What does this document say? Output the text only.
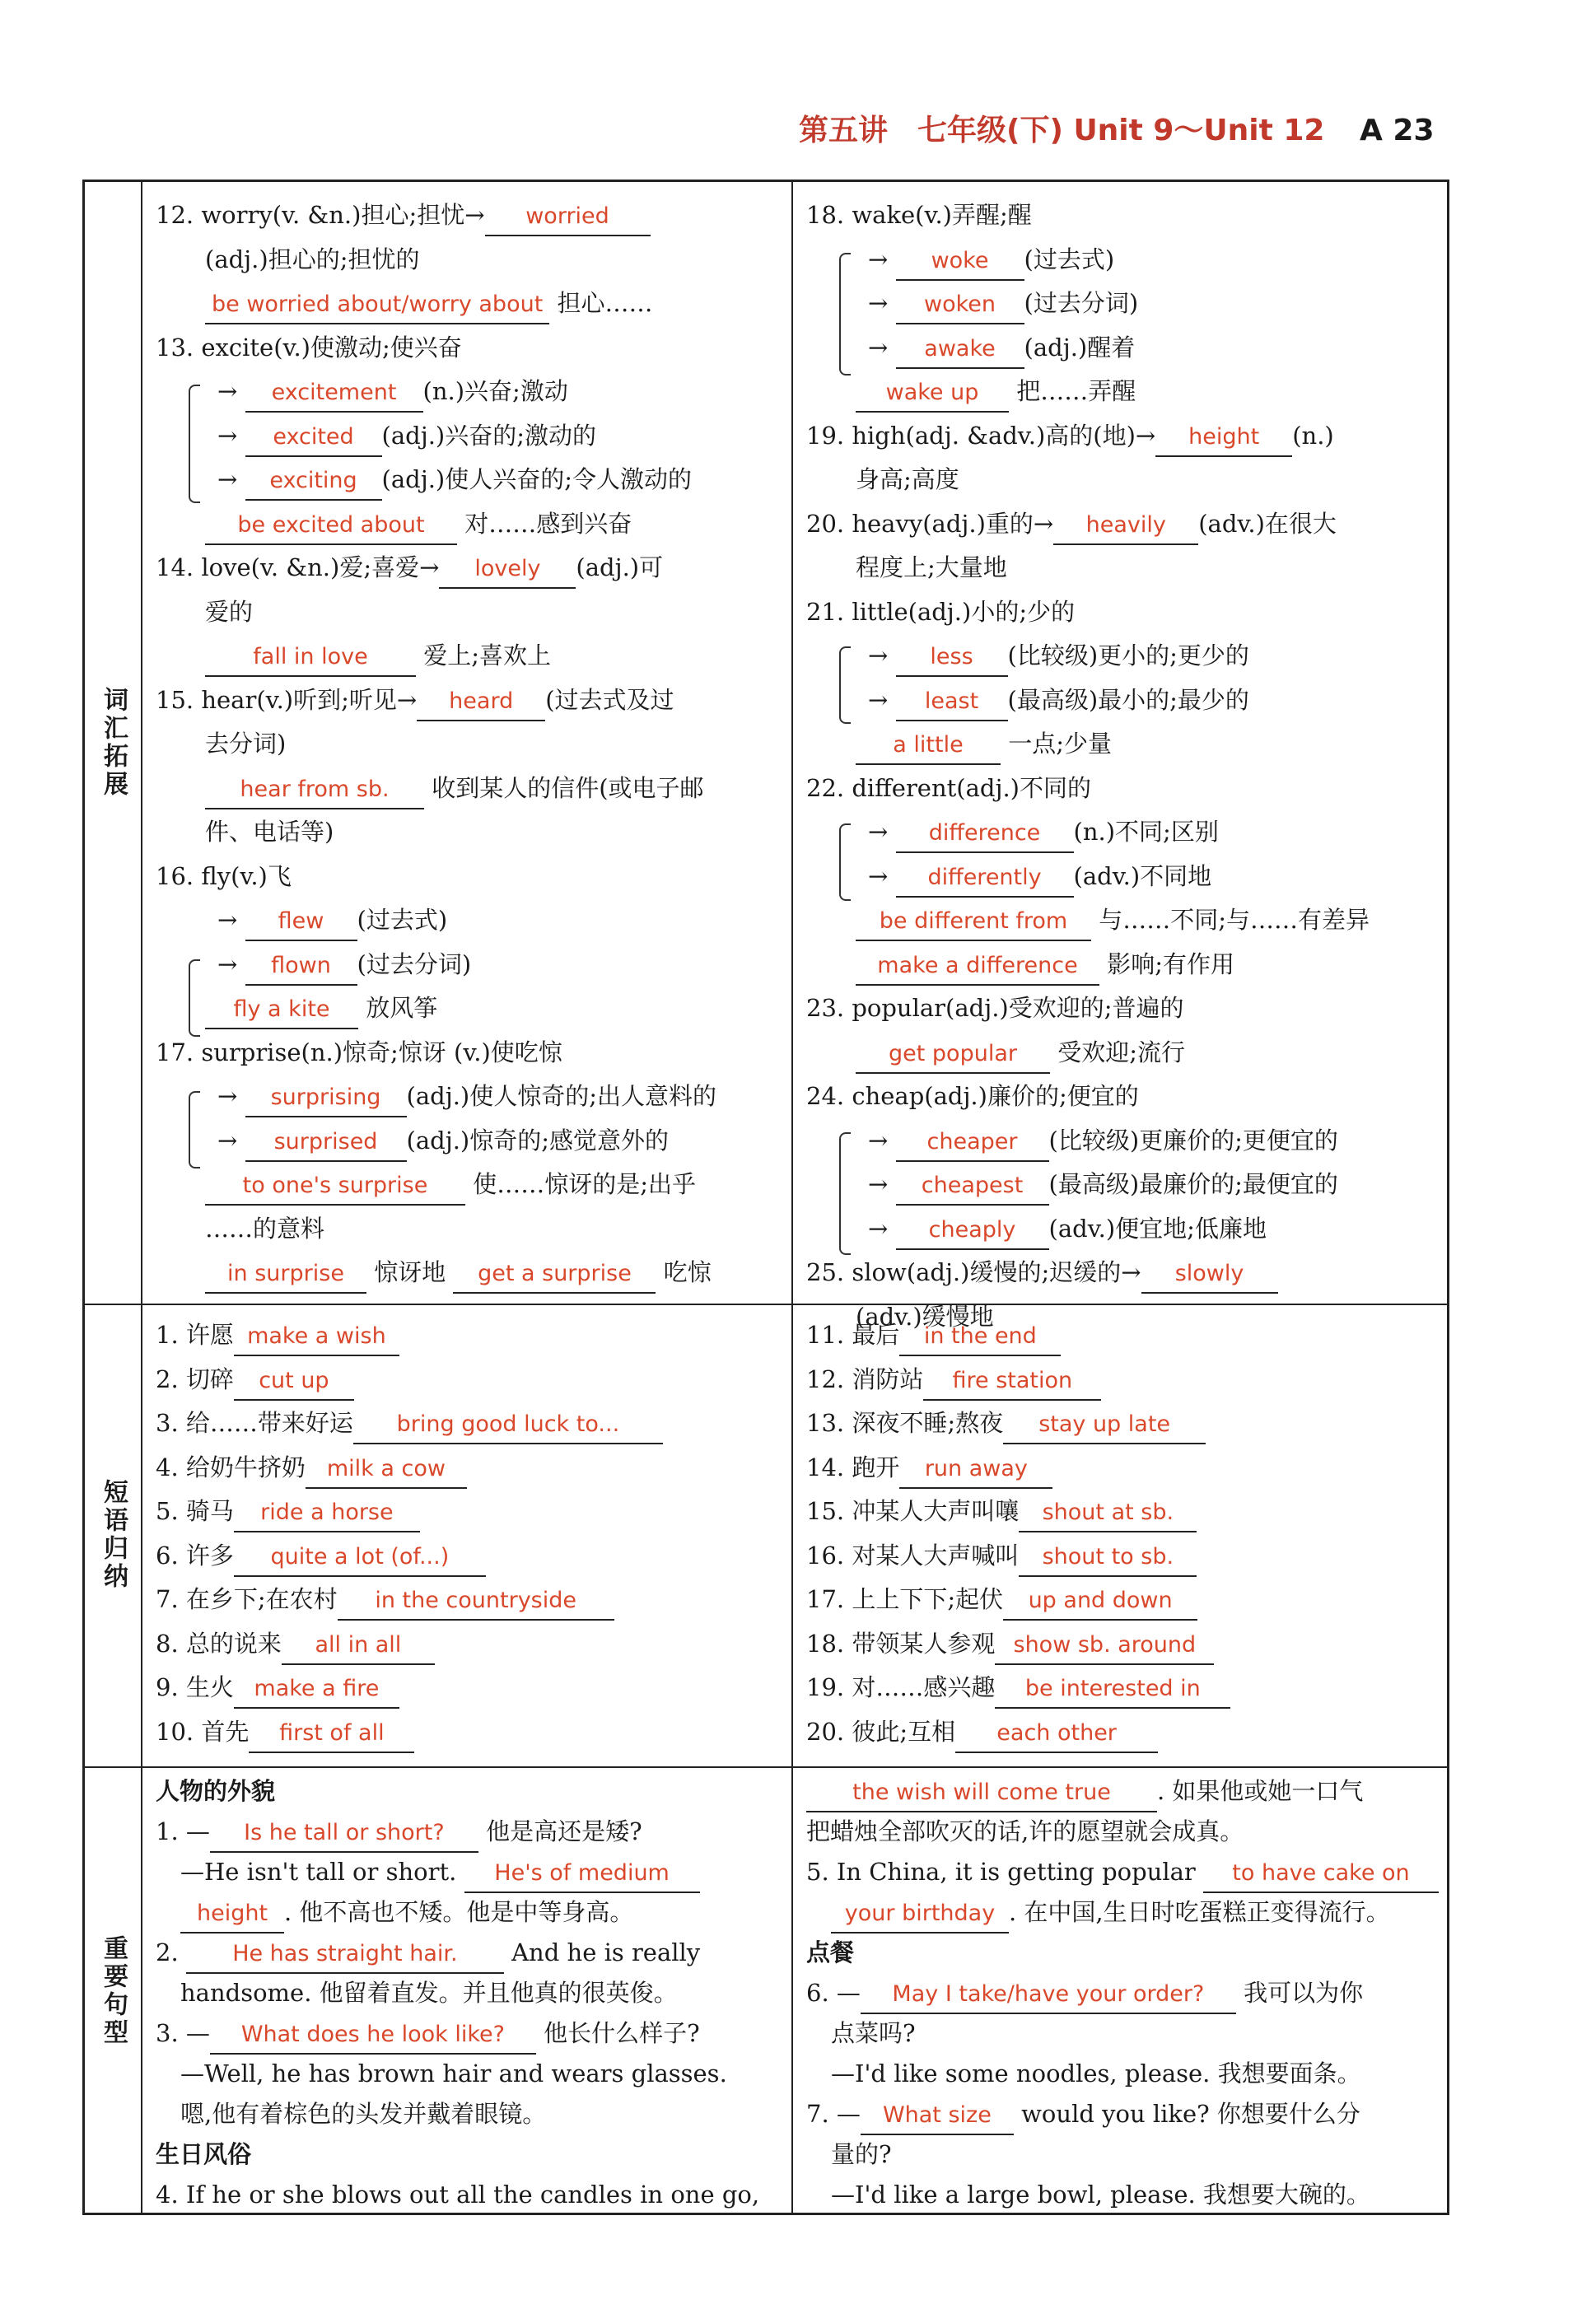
第五讲　七年级(下) Unit 9～Unit 12 A 23
词汇拓展
短语归纳
重要句型
12. worry(v. &n.)担心;担忧→ worried
(adj.)担心的;担忧的
be worried about/worry about 担心……
13. excite(v.)使激动;使兴奋
→ excitement (n.)兴奋;激动
→ excited (adj.)兴奋的;激动的
→ exciting (adj.)使人兴奋的;令人激动的
be excited about 对……感到兴奋
14. love(v. &n.)爱;喜爱→ lovely (adj.)可
爱的
fall in love 爱上;喜欢上
15. hear(v.)听到;听见→ heard (过去式及过
去分词)
hear from sb. 收到某人的信件(或电子邮
件、电话等)
16. fly(v.)飞
→ flew (过去式)
→ flown (过去分词)
fly a kite 放风筝
17. surprise(n.)惊奇;惊讶 (v.)使吃惊
→ surprising (adj.)使人惊奇的;出人意料的
→ surprised (adj.)惊奇的;感觉意外的
to one's surprise 使……惊讶的是;出乎
……的意料
in surprise 惊讶地 get a surprise 吃惊
18. wake(v.)弄醒;醒
→ woke (过去式)
→ woken (过去分词)
→ awake (adj.)醒着
wake up 把……弄醒
19. high(adj. &adv.)高的(地)→ height (n.)
身高;高度
20. heavy(adj.)重的→ heavily (adv.)在很大
程度上;大量地
21. little(adj.)小的;少的
→ less (比较级)更小的;更少的
→ least (最高级)最小的;最少的
a little 一点;少量
22. different(adj.)不同的
→ difference (n.)不同;区别
→ differently (adv.)不同地
be different from 与……不同;与……有差异
make a difference 影响;有作用
23. popular(adj.)受欢迎的;普遍的
get popular 受欢迎;流行
24. cheap(adj.)廉价的;便宜的
→ cheaper (比较级)更廉价的;更便宜的
→ cheapest (最高级)最廉价的;最便宜的
→ cheaply (adv.)便宜地;低廉地
25. slow(adj.)缓慢的;迟缓的→ slowly
(adv.)缓慢地
1. 许愿 make a wish
2. 切碎 cut up
3. 给……带来好运 bring good luck to...
4. 给奶牛挤奶 milk a cow
5. 骑马 ride a horse
6. 许多 quite a lot (of...)
7. 在乡下;在农村 in the countryside
8. 总的说来 all in all
9. 生火 make a fire
10. 首先 first of all
11. 最后 in the end
12. 消防站 fire station
13. 深夜不睡;熬夜 stay up late
14. 跑开 run away
15. 冲某人大声叫嚷 shout at sb.
16. 对某人大声喊叫 shout to sb.
17. 上上下下;起伏 up and down
18. 带领某人参观 show sb. around
19. 对……感兴趣 be interested in
20. 彼此;互相 each other
人物的外貌
1. — Is he tall or short? 他是高还是矮?
—He isn't tall or short. He's of medium
height . 他不高也不矮。他是中等身高。
2. He has straight hair. And he is really
handsome. 他留着直发。并且他真的很英俊。
3. — What does he look like? 他长什么样子?
—Well, he has brown hair and wears glasses.
嗯,他有着棕色的头发并戴着眼镜。
生日风俗
4. If he or she blows out all the candles in one go,
the wish will come true . 如果他或她一口气
把蜡烛全部吹灭的话,许的愿望就会成真。
5. In China, it is getting popular to have cake on
your birthday . 在中国,生日时吃蛋糕正变得流行。
点餐
6. — May I take/have your order? 我可以为你
点菜吗?
—I'd like some noodles, please. 我想要面条。
7. — What size would you like? 你想要什么分
量的?
—I'd like a large bowl, please. 我想要大碗的。
